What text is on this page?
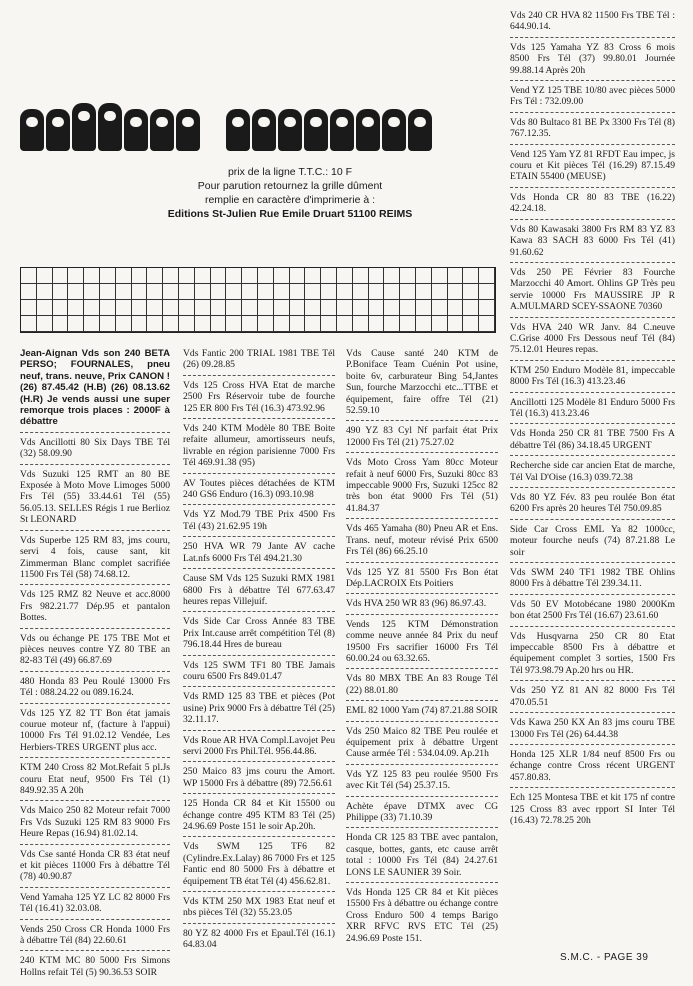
prix de la ligne T.T.C.: 10 F
Pour parution retournez la grille dûment
remplie en caractère d'imprimerie à :
Editions St-Julien Rue Emile Druart 51100 REIMS
Jean-Aignan Vds son 240 BETA PERSO; FOURNALES, pneu neuf, trans. neuve, Prix CANON ! (26) 87.45.42 (H.B) (26) 08.13.62 (H.R) Je vends aussi une super remorque trois places : 2000F à débattre
Vds Ancillotti 80 Six Days TBE Tél (32) 58.09.90
Vds Suzuki 125 RMT an 80 BE Exposée à Moto Move Limoges 5000 Frs Tél (55) 33.44.61 Tél (55) 56.05.13. SELLES Régis 1 rue Berlioz St LEONARD
Vds Superbe 125 RM 83, jms couru, servi 4 fois, cause sant, kit Zimmerman Blanc complet sacrifiée 11500 Frs Tél (58) 74.68.12.
Vds 125 RMZ 82 Neuve et acc.8000 Frs 982.21.77 Dép.95 et pantalon Bottes.
Vds ou échange PE 175 TBE Mot et pièces neuves contre YZ 80 TBE an 82-83 Tél (49) 66.87.69
480 Honda 83 Peu Roulé 13000 Frs Tél : 088.24.22 ou 089.16.24.
Vds 125 YZ 82 TT Bon état jamais courue moteur nf, (facture à l'appui) 10000 Frs Tél 91.02.12 Vendée, Les Herbiers-TRES URGENT plus acc.
KTM 240 Cross 82 Mot.Refait 5 pl.Js couru Etat neuf, 9500 Frs Tél (1) 849.92.35 A 20h
Vds Maico 250 82 Moteur refait 7000 Frs Vds Suzuki 125 RM 83 9000 Frs Heure Repas (16.94) 81.02.14.
Vds Cse santé Honda CR 83 état neuf et kit pièces 11000 Frs à débattre Tél (78) 40.90.87
Vend Yamaha 125 YZ LC 82 8000 Frs Tél (16.41) 32.03.08.
Vends 250 Cross CR Honda 1000 Frs à débattre Tél (84) 22.60.61
240 KTM MC 80 5000 Frs Simons Hollns refait Tél (5) 90.36.53 SOIR
Vds Fantic 200 TRIAL 1981 TBE Tél (26) 09.28.85
Vds 125 Cross HVA Etat de marche 2500 Frs Réservoir tube de fourche 125 ER 800 Frs Tél (16.3) 473.92.96
Vds 240 KTM Modèle 80 TBE Boite refaite allumeur, amortisseurs neufs, livrable en région parisienne 7000 Frs Tél 469.91.38 (95)
AV Toutes pièces détachées de KTM 240 GS6 Enduro (16.3) 093.10.98
Vds YZ Mod.79 TBE Prix 4500 Frs Tél (43) 21.62.95 19h
250 HVA WR 79 Jante AV cache Lat.nfs 6000 Frs Tél 494.21.30
Cause SM Vds 125 Suzuki RMX 1981 6800 Frs à débattre Tél 677.63.47 heures repas Villejuif.
Vds Side Car Cross Année 83 TBE Prix Int.cause arrêt compétition Tél (8) 796.18.44 Hres de bureau
Vds 125 SWM TF1 80 TBE Jamais couru 6500 Frs 849.01.47
Vds RMD 125 83 TBE et pièces (Pot usine) Prix 9000 Frs à débattre Tél (25) 32.11.17.
Vds Roue AR HVA Compl.Lavojet Peu servi 2000 Frs Phil.Tél. 956.44.86.
250 Maico 83 jms couru the Amort. WP 15000 Frs à débattre (89) 72.56.61
125 Honda CR 84 et Kit 15500 ou échange contre 495 KTM 83 Tél (25) 24.96.69 Poste 151 le soir Ap.20h.
Vds SWM 125 TF6 82 (Cylindre.Ex.Lalay) 86 7000 Frs et 125 Fantic end 80 5000 Frs à débattre et équipement TB état Tél (4) 456.62.81.
Vds KTM 250 MX 1983 Etat neuf et nbs pièces Tél (32) 55.23.05
80 YZ 82 4000 Frs et Epaul.Tél (16.1) 64.83.04
Vds Cause santé 240 KTM de P.Boniface Team Cuénin Pot usine, boite 6v, carburateur Bing 54,Jantes Sun, fourche Marzocchi etc...TTBE et équipement, faire offre Tél (21) 52.59.10
490 YZ 83 Cyl Nf parfait état Prix 12000 Frs Tél (21) 75.27.02
Vds Moto Cross Yam 80cc Moteur refait à neuf 6000 Frs, Suzuki 80cc 83 impeccable 9000 Frs, Suzuki 125cc 82 très bon état 9000 Frs Tél (51) 41.84.37
Vds 465 Yamaha (80) Pneu AR et Ens. Trans. neuf, moteur révisé Prix 6500 Frs Tél (86) 66.25.10
Vds 125 YZ 81 5500 Frs Bon état Dép.LACROIX Ets Poitiers
Vds HVA 250 WR 83 (96) 86.97.43.
Vends 125 KTM Démonstration comme neuve année 84 Prix du neuf 19500 Frs sacrifier 16000 Frs Tél 60.00.24 ou 63.32.65.
Vds 80 MBX TBE An 83 Rouge Tél (22) 88.01.80
EML 82 1000 Yam (74) 87.21.88 SOIR
Vds 250 Maico 82 TBE Peu roulée et équipement prix à débattre Urgent Cause armée Tél : 534.04.09. Ap.21h
Vds YZ 125 83 peu roulée 9500 Frs avec Kit Tél (54) 25.37.15.
Achète épave DTMX avec CG Philippe (33) 71.10.39
Honda CR 125 83 TBE avec pantalon, casque, bottes, gants, etc cause arrêt total : 10000 Frs Tél (84) 24.27.61 LONS LE SAUNIER 39 Soir.
Vds Honda 125 CR 84 et Kit pièces 15500 Frs à débattre ou échange contre Cross Enduro 500 4 temps Barigo XRR RFVC RVS ETC Tél (25) 24.96.69 Poste 151.
Vds 240 CR HVA 82 11500 Frs TBE Tél : 644.90.14.
Vds 125 Yamaha YZ 83 Cross 6 mois 8500 Frs Tél (37) 99.80.01 Journée 99.88.14 Après 20h
Vend YZ 125 TBE 10/80 avec pièces 5000 Frs Tél : 732.09.00
Vds 80 Bultaco 81 BE Px 3300 Frs Tél (8) 767.12.35.
Vend 125 Yam YZ 81 RFDT Eau impec, js couru et Kit pièces Tél (16.29) 87.15.49 ETAIN 55400 (MEUSE)
Vds Honda CR 80 83 TBE (16.22) 42.24.18.
Vds 80 Kawasaki 3800 Frs RM 83 YZ 83 Kawa 83 SACH 83 6000 Frs Tél (41) 91.60.62
Vds 250 PE Février 83 Fourche Marzocchi 40 Amort. Ohlins GP Très peu servie 10000 Frs MAUSSIRE JP R A.MULMARD SCEY-SSAONE 70360
Vds HVA 240 WR Janv. 84 C.neuve C.Grise 4000 Frs Dessous neuf Tél (84) 75.12.01 Heures repas.
KTM 250 Enduro Modèle 81, impeccable 8000 Frs Tél (16.3) 413.23.46
Ancillotti 125 Modèle 81 Enduro 5000 Frs Tél (16.3) 413.23.46
Vds Honda 250 CR 81 TBE 7500 Frs A débattre Tél (86) 34.18.45 URGENT
Recherche side car ancien Etat de marche, Tél Val D'Oise (16.3) 039.72.38
Vds 80 YZ Fév. 83 peu roulée Bon état 6200 Frs après 20 heures Tél 750.09.85
Side Car Cross EML Ya 82 1000cc, moteur fourche neufs (74) 87.21.88 Le soir
Vds SWM 240 TF1 1982 TBE Ohlins 8000 Frs à débattre Tél 239.34.11.
Vds 50 EV Motobécane 1980 2000Km bon état 2500 Frs Tél (16.67) 23.61.60
Vds Husqvarna 250 CR 80 Etat impeccable 8500 Frs à débattre et équipement complet 3 sorties, 1500 Frs Tél 973.98.79 Ap.20 hrs ou HR.
Vds 250 YZ 81 AN 82 8000 Frs Tél 470.05.51
Vds Kawa 250 KX An 83 jms couru TBE 13000 Frs Tél (26) 64.44.38
Honda 125 XLR 1/84 neuf 8500 Frs ou échange contre Cross récent URGENT 457.80.83.
Ech 125 Montesa TBE et kit 175 nf contre 125 Cross 83 avec rpport SI Inter Tél (16.43) 72.78.25 20h
S.M.C. - PAGE 39
